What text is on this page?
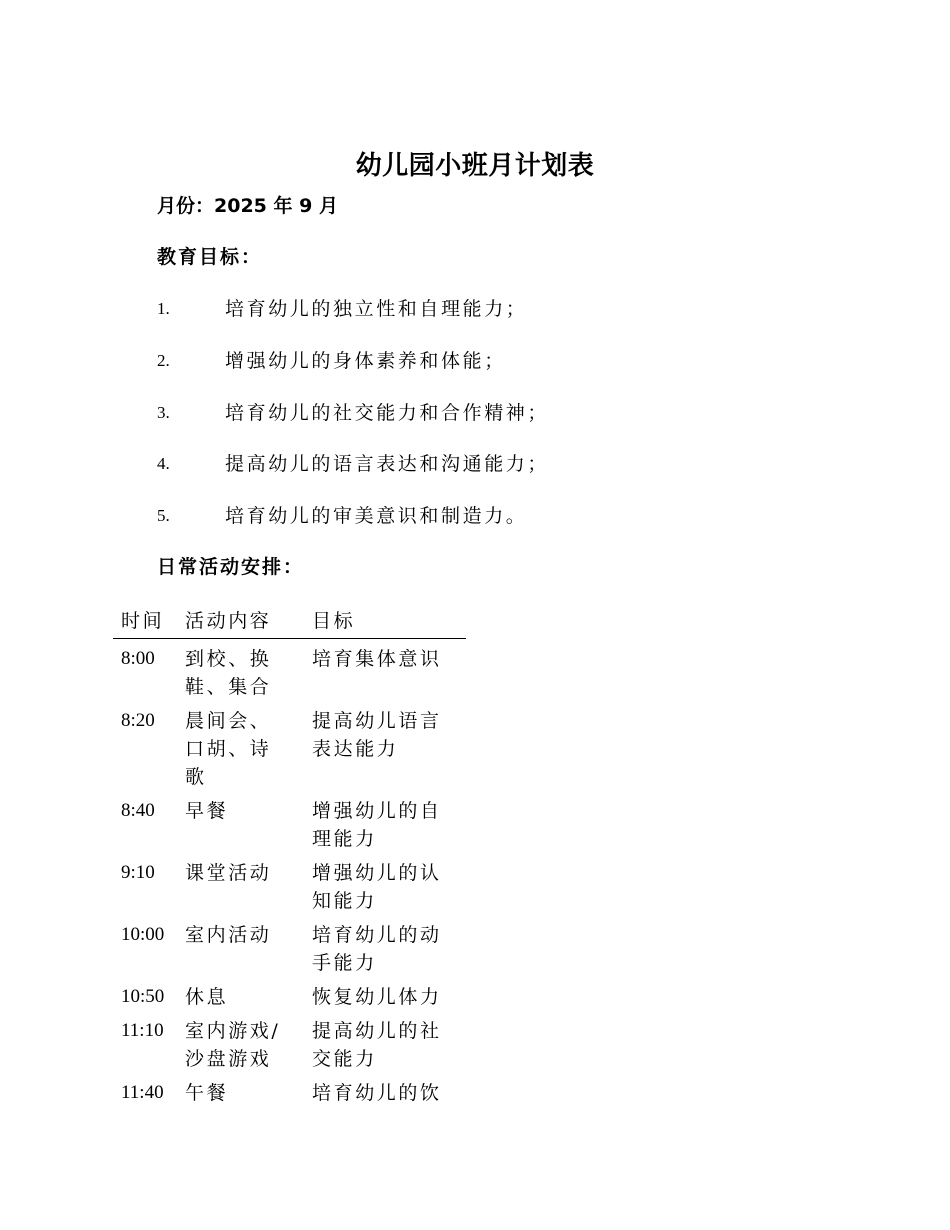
幼儿园小班月计划表
月份：2025 年 9 月
教育目标：
1.	培育幼儿的独立性和自理能力；
2.	增强幼儿的身体素养和体能；
3.	培育幼儿的社交能力和合作精神；
4.	提高幼儿的语言表达和沟通能力；
5.	培育幼儿的审美意识和制造力。
日常活动安排：
时间	活动内容	目标
8:00	到校、换鞋、集合	培育集体意识
8:20	晨间会、口胡、诗歌	提高幼儿语言表达能力
8:40	早餐	增强幼儿的自理能力
9:10	课堂活动	增强幼儿的认知能力
10:00	室内活动	培育幼儿的动手能力
10:50	休息	恢复幼儿体力
11:10	室内游戏/沙盘游戏	提高幼儿的社交能力
11:40	午餐	培育幼儿的饮
